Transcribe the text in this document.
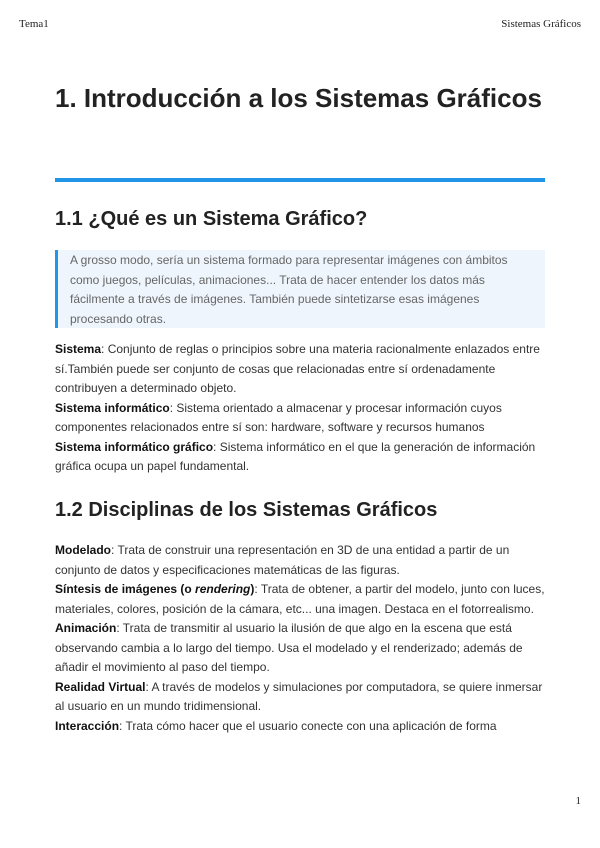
Tema1	Sistemas Gráficos
1. Introducción a los Sistemas Gráficos
1.1 ¿Qué es un Sistema Gráfico?
A grosso modo, sería un sistema formado para representar imágenes con ámbitos como juegos, películas, animaciones... Trata de hacer entender los datos más fácilmente a través de imágenes. También puede sintetizarse esas imágenes procesando otras.

Sistema: Conjunto de reglas o principios sobre una materia racionalmente enlazados entre sí.También puede ser conjunto de cosas que relacionadas entre sí ordenadamente contribuyen a determinado objeto.
Sistema informático: Sistema orientado a almacenar y procesar información cuyos componentes relacionados entre sí son: hardware, software y recursos humanos
Sistema informático gráfico: Sistema informático en el que la generación de información gráfica ocupa un papel fundamental.

1.2 Disciplinas de los Sistemas Gráficos

Modelado: Trata de construir una representación en 3D de una entidad a partir de un conjunto de datos y especificaciones matemáticas de las figuras.
Síntesis de imágenes (o rendering): Trata de obtener, a partir del modelo, junto con luces, materiales, colores, posición de la cámara, etc... una imagen. Destaca en el fotorrealismo.
Animación: Trata de transmitir al usuario la ilusión de que algo en la escena que está observando cambia a lo largo del tiempo. Usa el modelado y el renderizado; además de añadir el movimiento al paso del tiempo.
Realidad Virtual: A través de modelos y simulaciones por computadora, se quiere inmersar al usuario en un mundo tridimensional.
Interacción: Trata cómo hacer que el usuario conecte con una aplicación de forma

1
